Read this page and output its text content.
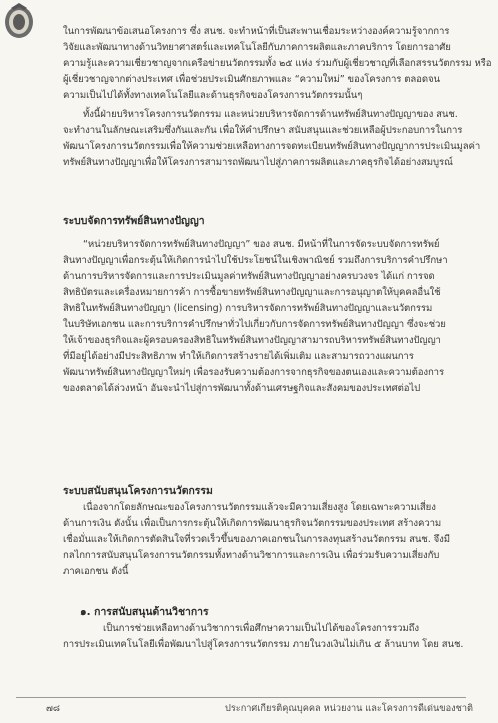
ในการพัฒนาข้อเสนอโครงการ ซึ่ง สนช. จะทำหน้าที่เป็นสะพานเชื่อมระหว่างองค์ความรู้จากการ
วิจัยและพัฒนาทางด้านวิทยาศาสตร์และเทคโนโลยีกับภาคการผลิตและภาคบริการ โดยการอาศัย
ความรู้และความเชี่ยวชาญจากเครือข่ายนวัตกรรมทั้ง ๒๕ แห่ง ร่วมกับผู้เชี่ยวชาญที่เลือกสรรนวัตกรรม หรือ
ผู้เชี่ยวชาญจากต่างประเทศ เพื่อช่วยประเมินศักยภาพและ “ความใหม่” ของโครงการ ตลอดจน
ความเป็นไปได้ทั้งทางเทคโนโลยีและด้านธุรกิจของโครงการนวัตกรรมนั้นๆ
ทั้งนี้ฝ่ายบริหารโครงการนวัตกรรม และหน่วยบริหารจัดการด้านทรัพย์สินทางปัญญาของ สนช.
จะทำงานในลักษณะเสริมซึ่งกันและกัน เพื่อให้คำปรึกษา สนับสนุนและช่วยเหลือผู้ประกอบการในการ
พัฒนาโครงการนวัตกรรมเพื่อให้ความช่วยเหลือทางการจดทะเบียนทรัพย์สินทางปัญญาการประเมินมูลค่า
ทรัพย์สินทางปัญญาเพื่อให้โครงการสามารถพัฒนาไปสู่ภาคการผลิตและภาคธุรกิจได้อย่างสมบูรณ์
ระบบจัดการทรัพย์สินทางปัญญา
“หน่วยบริหารจัดการทรัพย์สินทางปัญญา” ของ สนช. มีหน้าที่ในการจัดระบบจัดการทรัพย์
สินทางปัญญาเพื่อกระตุ้นให้เกิดการนำไปใช้ประโยชน์ในเชิงพาณิชย์ รวมถึงการบริการคำปรึกษา
ด้านการบริหารจัดการและการประเมินมูลค่าทรัพย์สินทางปัญญาอย่างครบวงจร ได้แก่ การจด
สิทธิบัตรและเครื่องหมายการค้า การซื้อขายทรัพย์สินทางปัญญาและการอนุญาตให้บุคคลอื่นใช้
สิทธิในทรัพย์สินทางปัญญา (licensing) การบริหารจัดการทรัพย์สินทางปัญญาและนวัตกรรม
ในบริษัทเอกชน และการบริการคำปรึกษาทั่วไปเกี่ยวกับการจัดการทรัพย์สินทางปัญญา ซึ่งจะช่วย
ให้เจ้าของธุรกิจและผู้ครอบครองสิทธิในทรัพย์สินทางปัญญาสามารถบริหารทรัพย์สินทางปัญญา
ที่มีอยู่ได้อย่างมีประสิทธิภาพ ทำให้เกิดการสร้างรายได้เพิ่มเติม และสามารถวางแผนการ
พัฒนาทรัพย์สินทางปัญญาใหม่ๆ เพื่อรองรับความต้องการจากธุรกิจของตนเองและความต้องการ
ของตลาดได้ล่วงหน้า อันจะนำไปสู่การพัฒนาทั้งด้านเศรษฐกิจและสังคมของประเทศต่อไป
ระบบสนับสนุนโครงการนวัตกรรม
เนื่องจากโดยลักษณะของโครงการนวัตกรรมแล้วจะมีความเสี่ยงสูง โดยเฉพาะความเสี่ยง
ด้านการเงิน ดังนั้น เพื่อเป็นการกระตุ้นให้เกิดการพัฒนาธุรกิจนวัตกรรมของประเทศ สร้างความ
เชื่อมั่นและให้เกิดการตัดสินใจที่รวดเร็วขึ้นของภาคเอกชนในการลงทุนสร้างนวัตกรรม สนช. จึงมี
กลไกการสนับสนุนโครงการนวัตกรรมทั้งทางด้านวิชาการและการเงิน เพื่อร่วมรับความเสี่ยงกับ
ภาคเอกชน ดังนี้
๑. การสนับสนุนด้านวิชาการ
เป็นการช่วยเหลือทางด้านวิชาการเพื่อศึกษาความเป็นไปได้ของโครงการรวมถึง
การประเมินเทคโนโลยีเพื่อพัฒนาไปสู่โครงการนวัตกรรม ภายในวงเงินไม่เกิน ๕ ล้านบาท โดย สนช.
๗๘	ประกาศเกียรติคุณบุคคล หน่วยงาน และโครงการดีเด่นของชาติ
